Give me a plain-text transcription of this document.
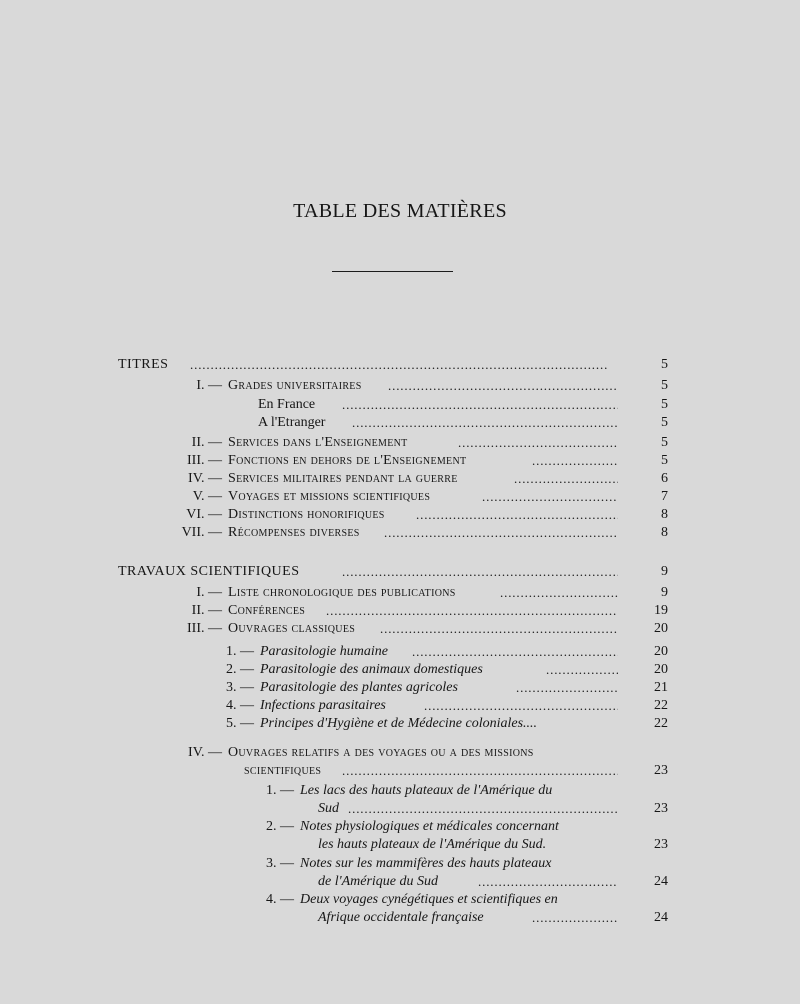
TABLE DES MATIÈRES
TITRES . . .	5
I. — Grades universitaires . . .	5
En France . . .	5
A l'Etranger . . .	5
II. — Services dans l'Enseignement . . .	5
III. — Fonctions en dehors de l'Enseignement . . .	5
IV. — Services militaires pendant la guerre . . .	6
V. — Voyages et missions scientifiques . . .	7
VI. — Distinctions honorifiques . . .	8
VII. — Récompenses diverses . . .	8
TRAVAUX SCIENTIFIQUES . . .	9
I. — Liste chronologique des publications . . .	9
II. — Conférences . . .	19
III. — Ouvrages classiques . . .	20
1. — Parasitologie humaine . . .	20
2. — Parasitologie des animaux domestiques . . .	20
3. — Parasitologie des plantes agricoles . . .	21
4. — Infections parasitaires . . .	22
5. — Principes d'Hygiène et de Médecine coloniales....	22
IV. — Ouvrages relatifs a des voyages ou a des missions
scientifiques . . .	23
1. — Les lacs des hauts plateaux de l'Amérique du
Sud . . .	23
2. — Notes physiologiques et médicales concernant
les hauts plateaux de l'Amérique du Sud.	23
3. — Notes sur les mammifères des hauts plateaux
de l'Amérique du Sud . . .	24
4. — Deux voyages cynégétiques et scientifiques en
Afrique occidentale française . . .	24
